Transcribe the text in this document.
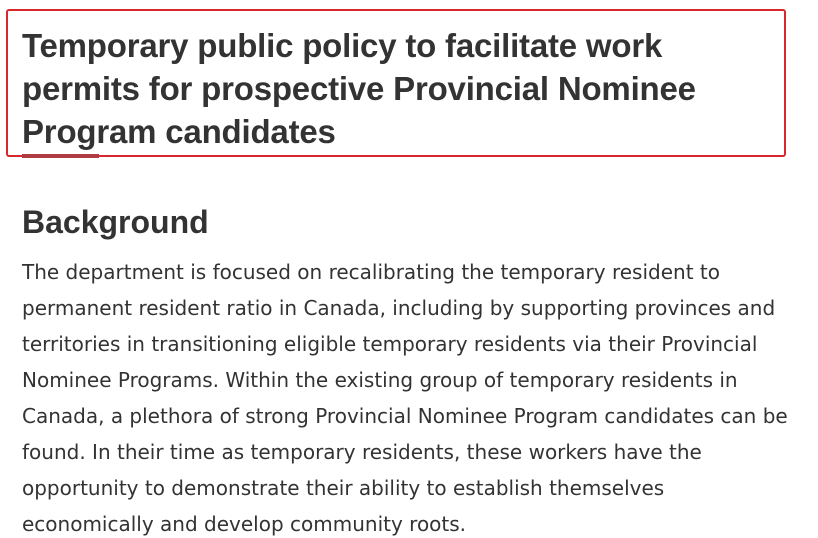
Temporary public policy to facilitate work
permits for prospective Provincial Nominee
Program candidates
Background

The department is focused on recalibrating the temporary resident to
permanent resident ratio in Canada, including by supporting provinces and
territories in transitioning eligible temporary residents via their Provincial
Nominee Programs. Within the existing group of temporary residents in
Canada, a plethora of strong Provincial Nominee Program candidates can be
found. In their time as temporary residents, these workers have the
opportunity to demonstrate their ability to establish themselves
economically and develop community roots.
